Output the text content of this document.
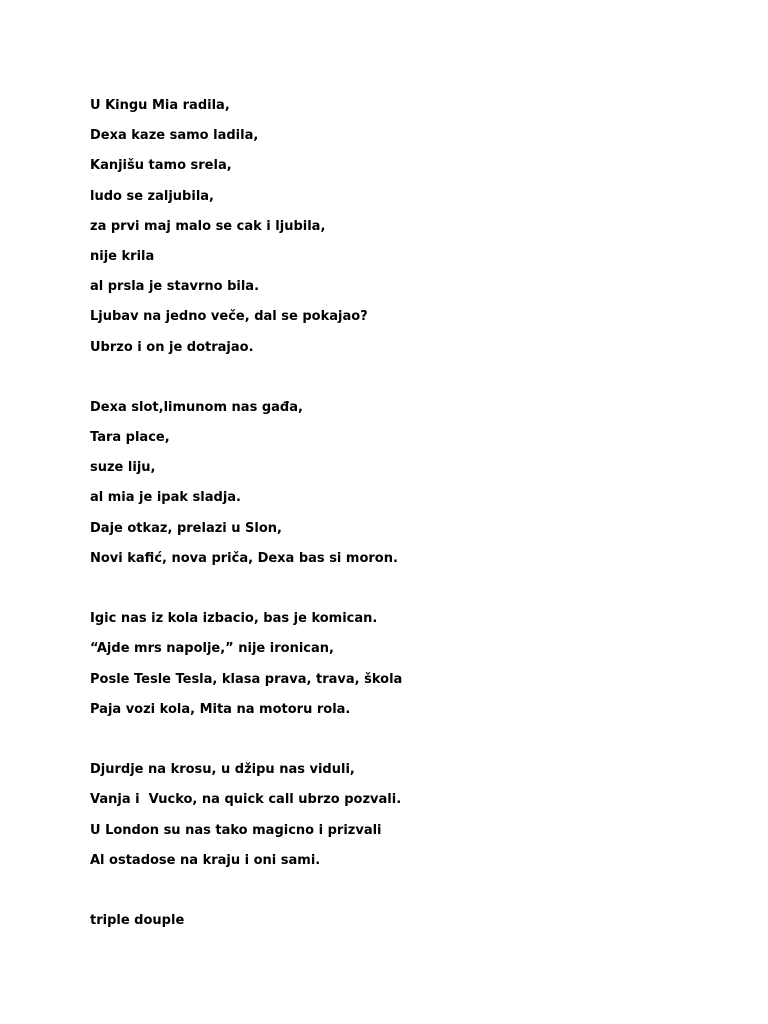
U Kingu Mia radila,
Dexa kaze samo ladila,
Kanjišu tamo srela,
ludo se zaljubila,
za prvi maj malo se cak i ljubila,
nije krila
al prsla je stavrno bila.
Ljubav na jedno veče, dal se pokajao?
Ubrzo i on je dotrajao.
Dexa slot,limunom nas gađa,
Tara place,
suze liju,
al mia je ipak sladja.
Daje otkaz, prelazi u Slon,
Novi kafić, nova priča, Dexa bas si moron.
Igic nas iz kola izbacio, bas je komican.
“Ajde mrs napolje,” nije ironican,
Posle Tesle Tesla, klasa prava, trava, škola
Paja vozi kola, Mita na motoru rola.
Djurdje na krosu, u džipu nas viduli,
Vanja i  Vucko, na quick call ubrzo pozvali.
U London su nas tako magicno i prizvali
Al ostadose na kraju i oni sami.
triple douple
